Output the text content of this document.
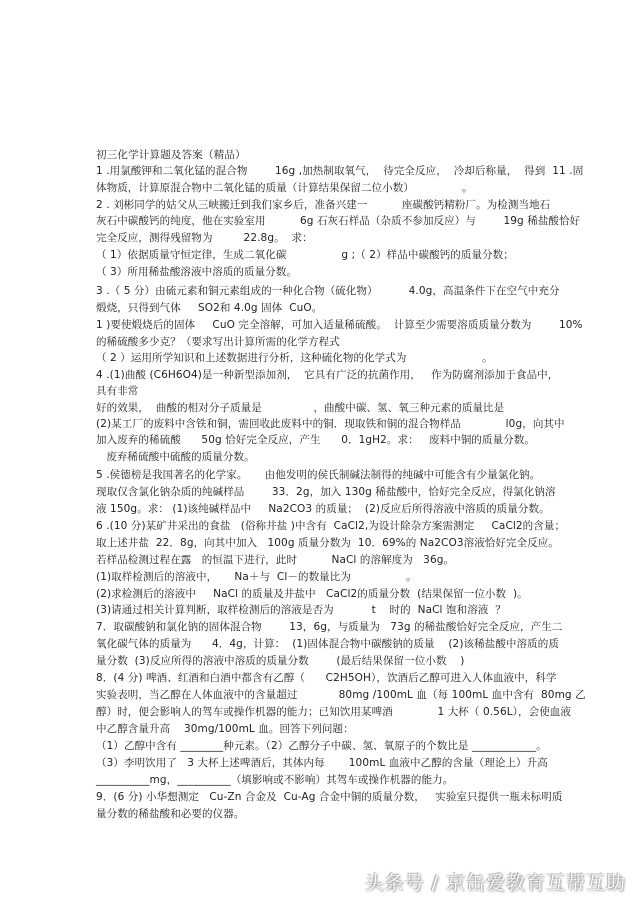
初三化学计算题及答案（精品）
1 .用氯酸钾和二氧化锰的混合物        16g ,加热制取氧气，  待完全反应，  冷却后称量，  得到  11 .固
体物质，计算原混合物中二氧化锰的质量（计算结果保留二位小数）              。
2 . 刘彬同学的姑父从三峡搬迁到我们家乡后，准备兴建一          座碳酸钙精粉厂。为检测当地石
灰石中碳酸钙的纯度，他在实验室用          6g 石灰石样品（杂质不参加反应）与        19g 稀盐酸恰好
完全反应，测得残留物为         22.8g。  求：
（ 1）依据质量守恒定律，生成二氧化碳                g ;（ 2）样品中碳酸钙的质量分数；
（ 3）所用稀盐酸溶液中溶质的质量分数。
3 .（ 5 分）由硫元素和铜元素组成的一种化合物（硫化物）         4.0g，高温条件下在空气中充分
煅烧，只得到气体     SO2和 4.0g 固体  CuO。
1 )要使煅烧后的固体     CuO 完全溶解，可加入适量稀硫酸。  计算至少需要溶质质量分数为        10%
的稀硫酸多少克？（要求写出计算所需的化学方程式
（ 2 ）运用所学知识和上述数据进行分析，这种硫化物的化学式为                      。
4 .(1)曲酸 (C6H6O4)是一种新型添加剂，  它具有广泛的抗菌作用，   作为防腐剂添加于食品中，
具有非常
好的效果，  曲酸的相对分子质量是               ，曲酸中碳、氢、氧三种元素的质量比是
(2)某工厂的废料中含铁和铜，需回收此废料中的铜．现取铁和铜的混合物样品             l0g，向其中
加入废弃的稀硫酸      50g 恰好完全反应，产生      0．1gH2。求：   废料中铜的质量分数。
废弃稀硫酸中硫酸的质量分数。
5 .侯德榜是我国著名的化学家。     由他发明的侯氏制碱法制得的纯碱中可能含有少量氯化钠。
现取仅含氯化钠杂质的纯碱样品        33．2g，加入 130g 稀盐酸中，恰好完全反应，得氯化钠溶
液 150g。求： (1)该纯碱样品中     Na2CO3 的质量；  (2)反应后所得溶液中溶质的质量分数。
6 .(10 分)某矿井采出的食盐   (俗称井盐 )中含有  CaCl2,为设计除杂方案需测定     CaCl2的含量；
取上述井盐  22．8g，向其中加入   100g 质量分数为  10．69%的 Na2CO3溶液恰好完全反应。
若样品检测过程在露   的恒温下进行，此时          NaCl 的溶解度为   36g。
(1)取样检测后的溶液中，     Na＋与  Cl－的数量比为                。
(2)求检测后的溶液中     NaCl 的质量及井盐中   CaCl2的质量分数  (结果保留一位小数  )。
(3)请通过相关计算判断，取样检测后的溶液是否为           t    时的  NaCl 饱和溶液  ？
7．取碳酸钠和氯化钠的固体混合物        13，6g，与质量为   73g 的稀盐酸恰好完全反应，产生二
氧化碳气体的质量为      4．4g，计算：  (1)固体混合物中碳酸钠的质量    (2)该稀盐酸中溶质的质
量分数  (3)反应所得的溶液中溶质的质量分数        (最后结果保留一位小数    )
8．(4 分) 啤酒、红酒和白酒中都含有乙醇（      C2H5OH），饮酒后乙醇可进入人体血液中，科学
实验表明，当乙醇在人体血液中的含量超过            80mg /100mL 血（每 100mL 血中含有  80mg 乙
醇）时，便会影响人的驾车或操作机器的能力；已知饮用某啤酒             1 大杯（ 0.56L），会使血液
中乙醇含量升高    30mg/100mL 血。回答下列问题：
（1）乙醇中含有 ________种元素。（2）乙醇分子中碳、氢、氧原子的个数比是 ____________。
（3）李明饮用了   3 大杯上述啤酒后，其体内每       100mL 血液中乙醇的含量（理论上）升高
__________mg，__________（填影响或不影响）其驾车或操作机器的能力。
9．(6 分) 小华想测定   Cu-Zn 合金及  Cu-Ag 合金中铜的质量分数，   实验室只提供一瓶未标明质
量分数的稀盐酸和必要的仪器。
头条号 / 京缶爱教育互帮互助
